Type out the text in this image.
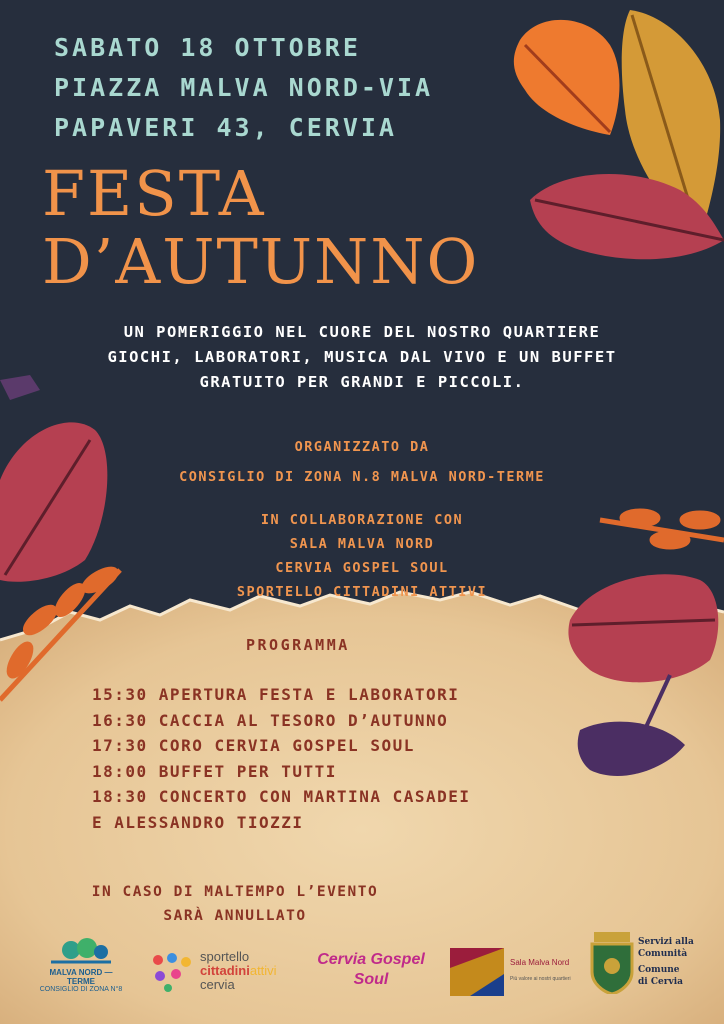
SABATO 18 OTTOBRE
PIAZZA MALVA NORD-VIA
PAPAVERI 43, CERVIA
FESTA
D’AUTUNNO
UN POMERIGGIO NEL CUORE DEL NOSTRO QUARTIERE
GIOCHI, LABORATORI, MUSICA DAL VIVO E UN BUFFET
GRATUITO PER GRANDI E PICCOLI.
ORGANIZZATO DA
CONSIGLIO DI ZONA N.8 MALVA NORD-TERME
IN COLLABORAZIONE CON
SALA MALVA NORD
CERVIA GOSPEL SOUL
SPORTELLO CITTADINI ATTIVI
PROGRAMMA
15:30 APERTURA FESTA E LABORATORI
16:30 CACCIA AL TESORO D’AUTUNNO
17:30 CORO CERVIA GOSPEL SOUL
18:00 BUFFET PER TUTTI
18:30 CONCERTO CON MARTINA CASADEI
E ALESSANDRO TIOZZI
IN CASO DI MALTEMPO L’EVENTO
SARÀ ANNULLATO
MALVA NORD — TERME
CONSIGLIO DI ZONA N°8
sportello
cittadiniattivi
cervia
Cervia Gospel Soul
Sala Malva Nord
Più valore ai nostri quartieri
Servizi alla
Comunità
Comune
di Cervia
